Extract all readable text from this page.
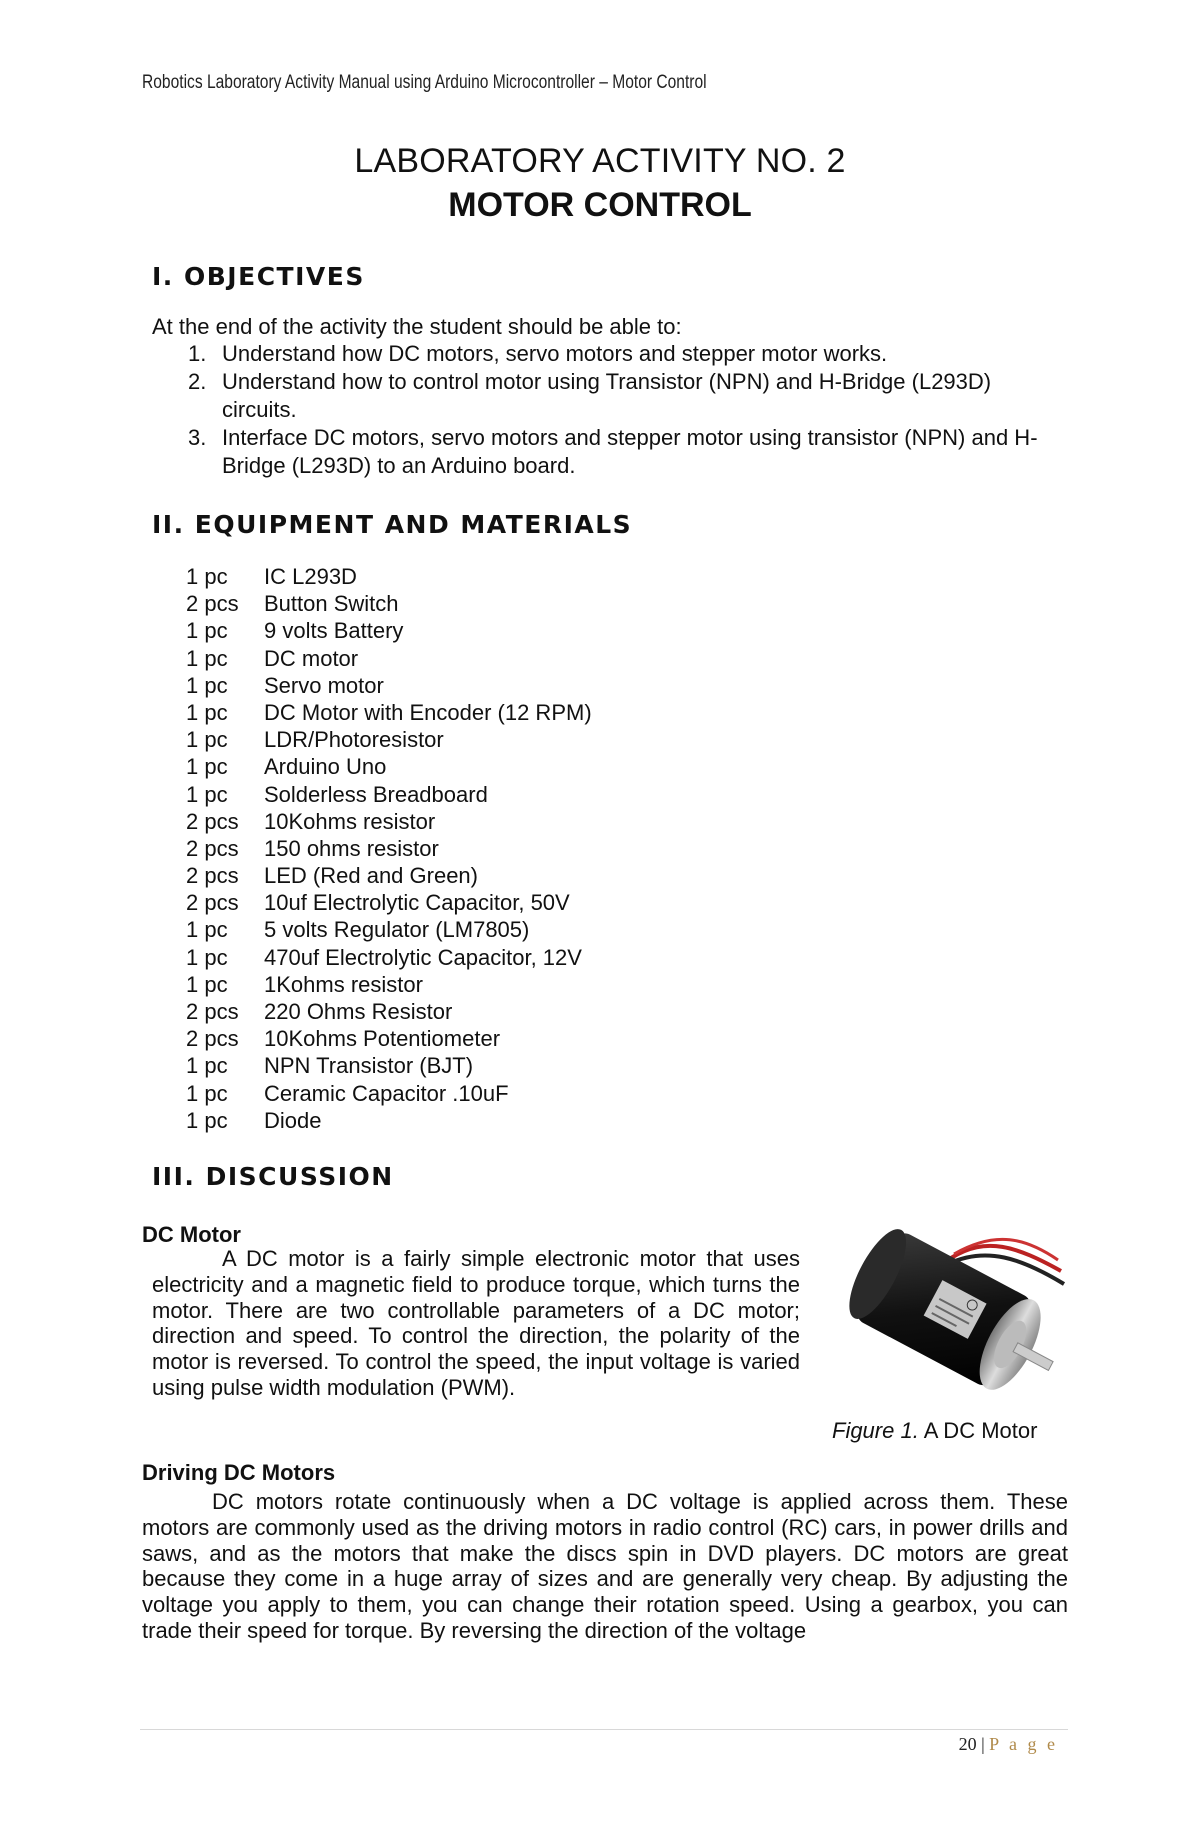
Robotics Laboratory Activity Manual using Arduino Microcontroller – Motor Control
LABORATORY ACTIVITY NO. 2
MOTOR CONTROL
I. OBJECTIVES
At the end of the activity the student should be able to:
1. Understand how DC motors, servo motors and stepper motor works.
2. Understand how to control motor using Transistor (NPN) and H-Bridge (L293D) circuits.
3. Interface DC motors, servo motors and stepper motor using transistor (NPN) and H-Bridge (L293D) to an Arduino board.
II. EQUIPMENT AND MATERIALS
1 pc	IC L293D
2 pcs	Button Switch
1 pc	9 volts Battery
1 pc	DC motor
1 pc	Servo motor
1 pc	DC Motor with Encoder (12 RPM)
1 pc	LDR/Photoresistor
1 pc	Arduino Uno
1 pc	Solderless Breadboard
2 pcs	10Kohms resistor
2 pcs	150 ohms resistor
2 pcs	LED (Red and Green)
2 pcs	10uf Electrolytic Capacitor, 50V
1 pc	5 volts Regulator (LM7805)
1 pc	470uf Electrolytic Capacitor, 12V
1 pc	1Kohms resistor
2 pcs	220 Ohms Resistor
2 pcs	10Kohms Potentiometer
1 pc	NPN Transistor (BJT)
1 pc	Ceramic Capacitor .10uF
1 pc	Diode
III. DISCUSSION
DC Motor
A DC motor is a fairly simple electronic motor that uses electricity and a magnetic field to produce torque, which turns the motor. There are two controllable parameters of a DC motor; direction and speed. To control the direction, the polarity of the motor is reversed. To control the speed, the input voltage is varied using pulse width modulation (PWM).
Figure 1. A DC Motor
Driving DC Motors
DC motors rotate continuously when a DC voltage is applied across them. These motors are commonly used as the driving motors in radio control (RC) cars, in power drills and saws, and as the motors that make the discs spin in DVD players. DC motors are great because they come in a huge array of sizes and are generally very cheap. By adjusting the voltage you apply to them, you can change their rotation speed. Using a gearbox, you can trade their speed for torque. By reversing the direction of the voltage
20 | P a g e
